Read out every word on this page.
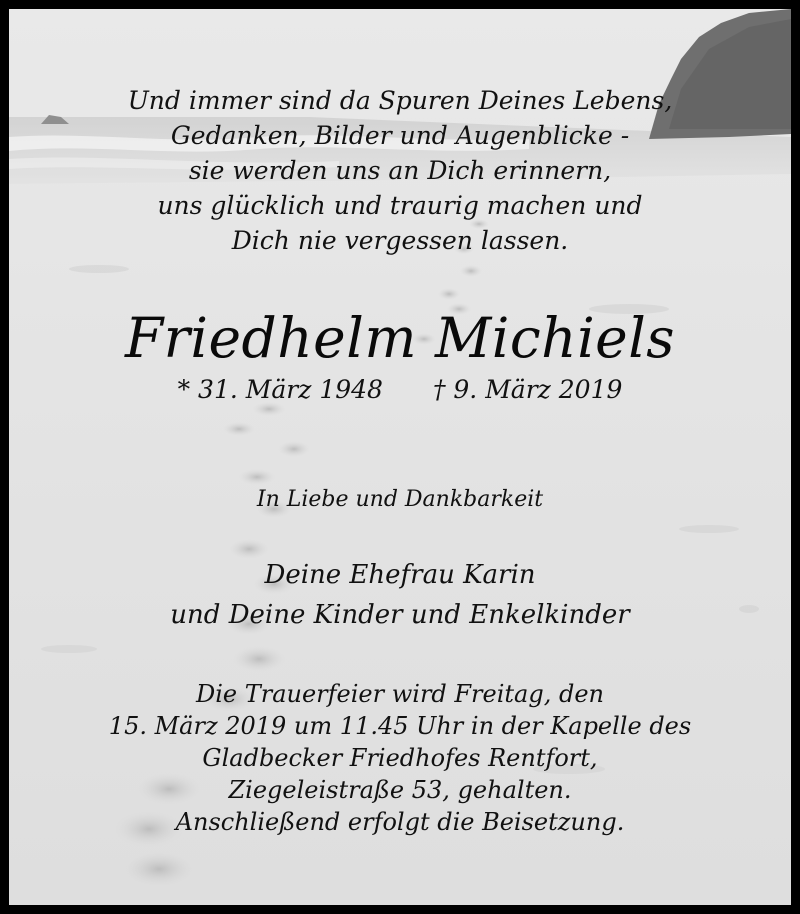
Und immer sind da Spuren Deines Lebens,
Gedanken, Bilder und Augenblicke -
sie werden uns an Dich erinnern,
uns glücklich und traurig machen und
Dich nie vergessen lassen.
Friedhelm Michiels
* 31. März 1948 † 9. März 2019
In Liebe und Dankbarkeit
Deine Ehefrau Karin
und Deine Kinder und Enkelkinder
Die Trauerfeier wird Freitag, den
15. März 2019 um 11.45 Uhr in der Kapelle des
Gladbecker Friedhofes Rentfort,
Ziegeleistraße 53, gehalten.
Anschließend erfolgt die Beisetzung.
